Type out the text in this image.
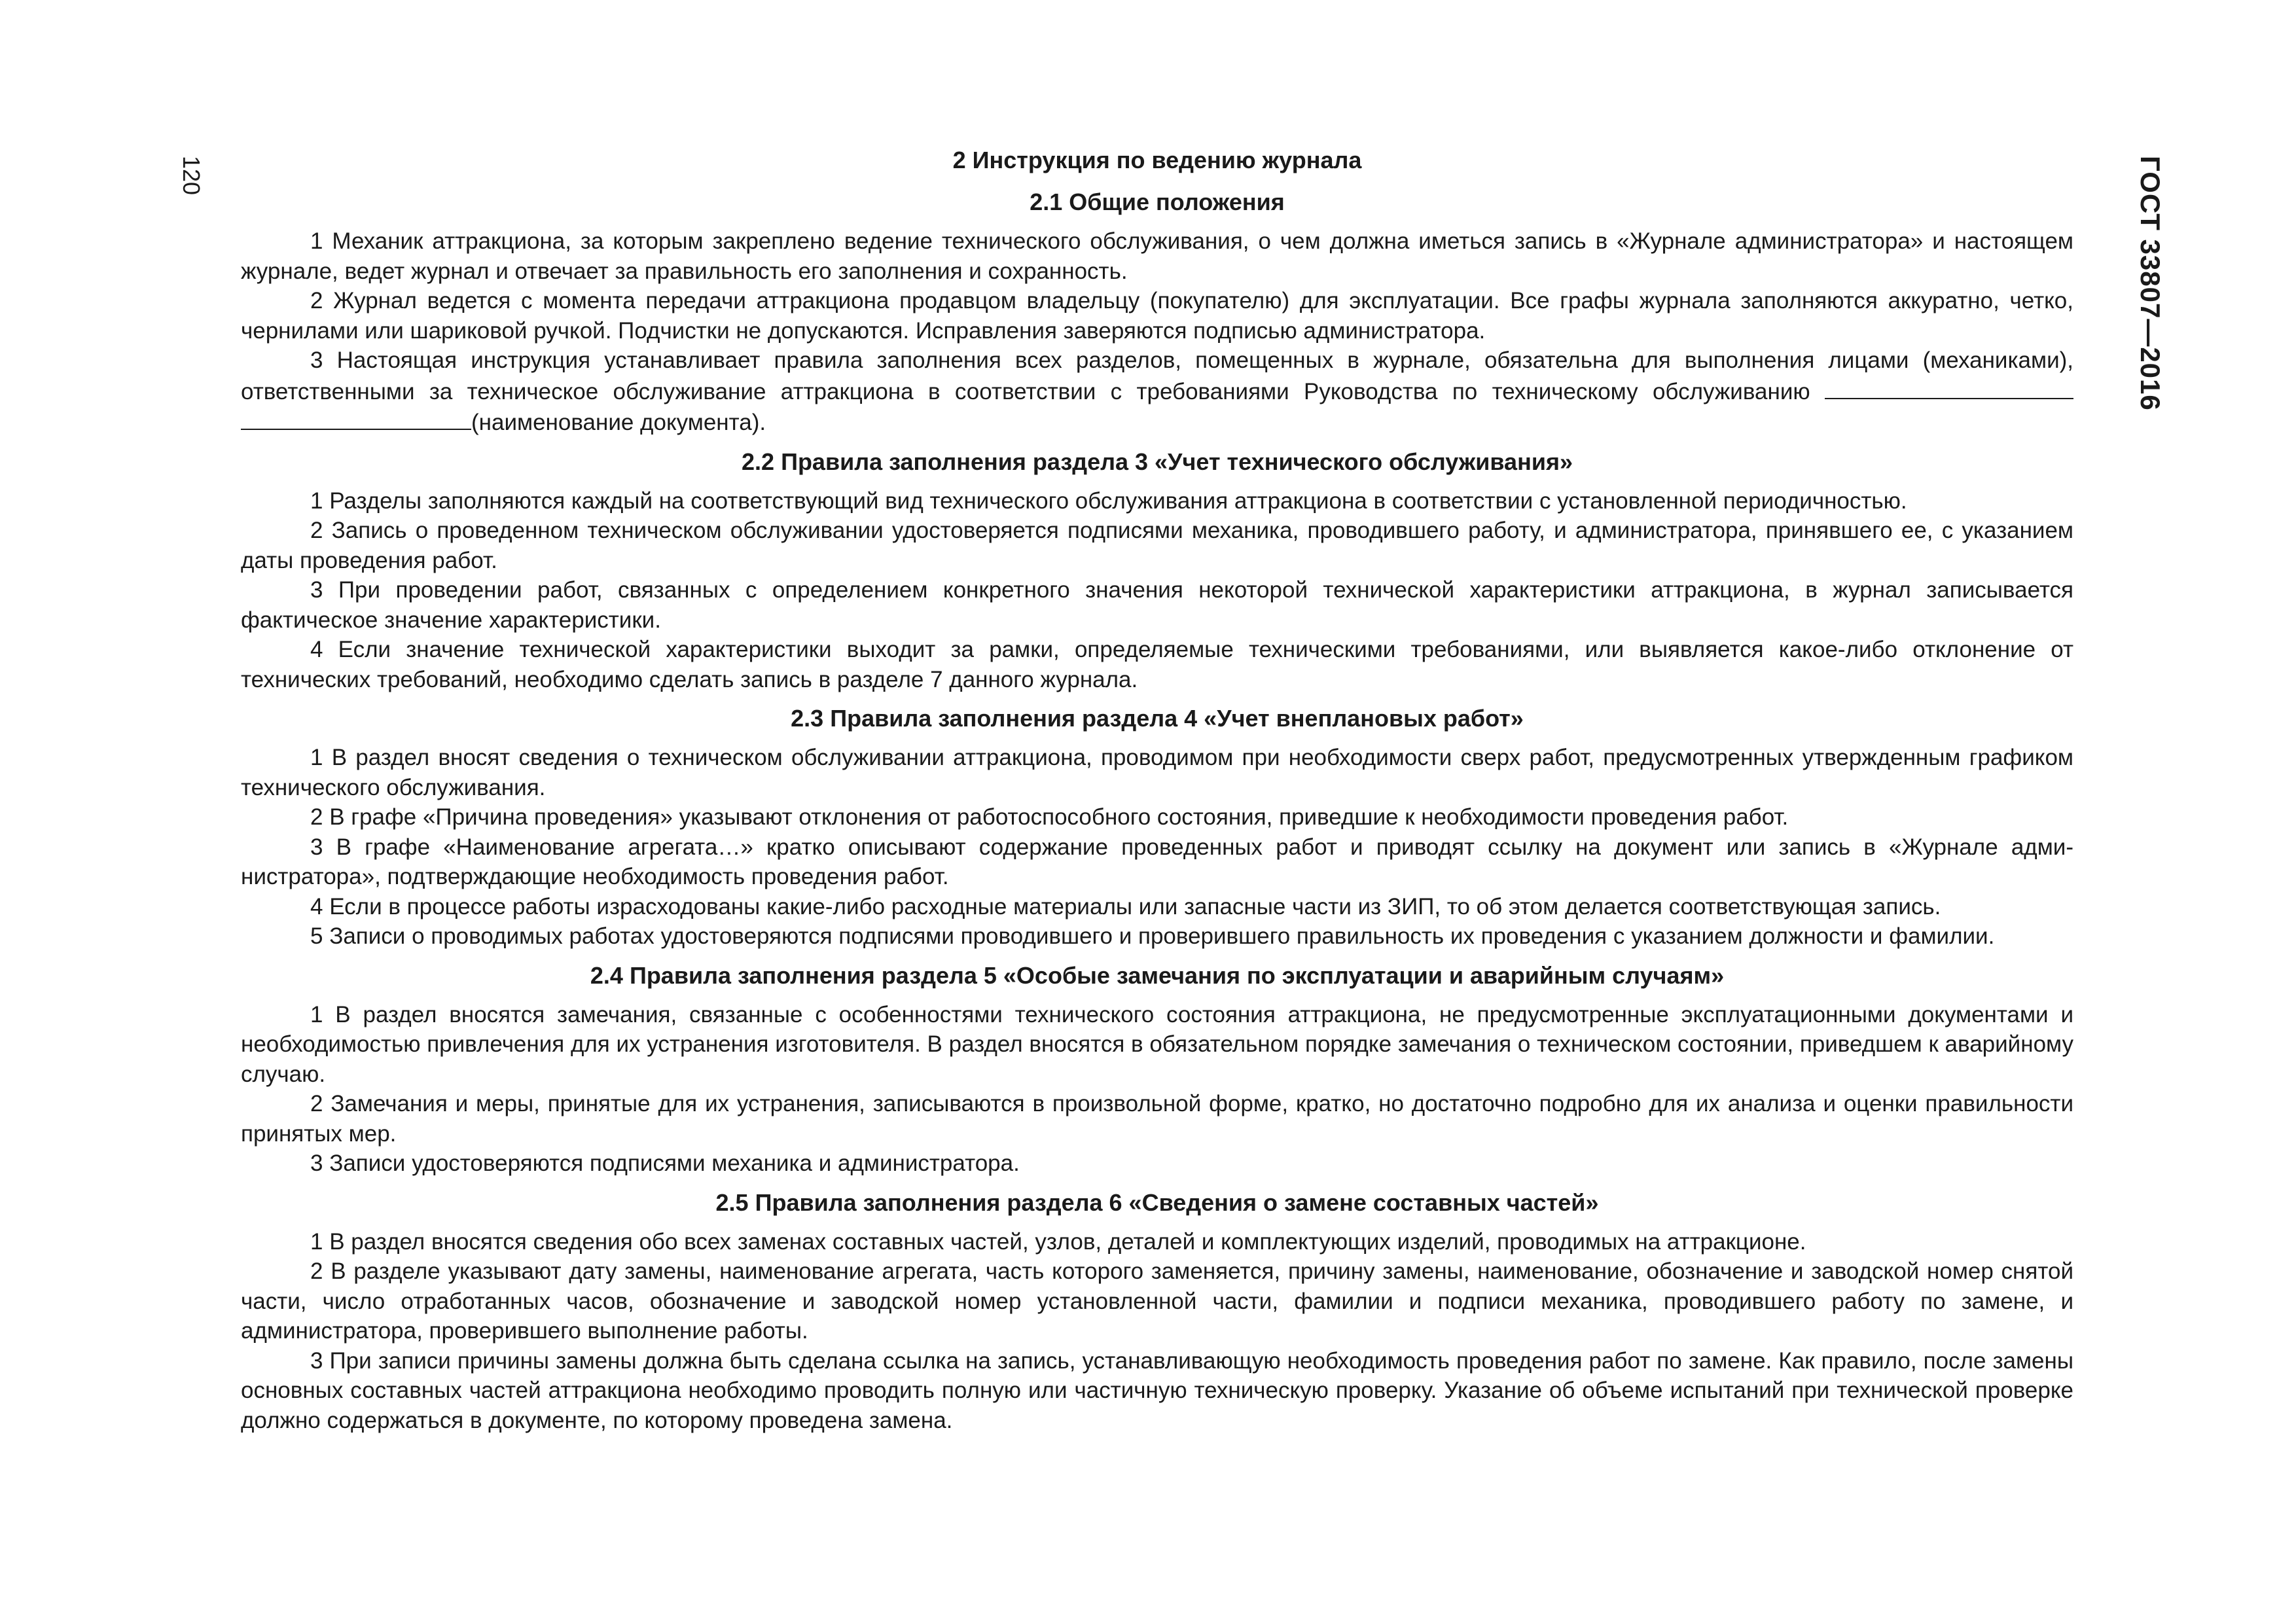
120	ГОСТ 33807—2016
2 Инструкция по ведению журнала
2.1 Общие положения

1 Механик аттракциона, за которым закреплено ведение технического обслуживания, о чем должна иметься запись в «Журнале администратора» и настоящем журнале, ведет журнал и отвечает за правильность его заполнения и сохранность.

2 Журнал ведется с момента передачи аттракциона продавцом владельцу (покупателю) для эксплуатации. Все графы журнала заполняются аккуратно, четко, чернилами или шариковой ручкой. Подчистки не допускаются. Исправления заверяются подписью администратора.

3 Настоящая инструкция устанавливает правила заполнения всех разделов, помещенных в журнале, обязательна для выполнения лицами (механиками), ответственными за техническое обслуживание аттракциона в соответствии с требованиями Руководства по техническому обслуживанию  (наименование документа).

2.2 Правила заполнения раздела 3 «Учет технического обслуживания»

1 Разделы заполняются каждый на соответствующий вид технического обслуживания аттракциона в соответствии с установленной периодичностью.

2 Запись о проведенном техническом обслуживании удостоверяется подписями механика, проводившего работу, и администратора, принявшего ее, с указанием даты проведения работ.

3 При проведении работ, связанных с определением конкретного значения некоторой технической характеристики аттракциона, в журнал записывается фактическое значение характеристики.

4 Если значение технической характеристики выходит за рамки, определяемые техническими требованиями, или выявляется какое-либо отклонение от технических требований, необходимо сделать запись в разделе 7 данного журнала.

2.3 Правила заполнения раздела 4 «Учет внеплановых работ»

1 В раздел вносят сведения о техническом обслуживании аттракциона, проводимом при необходимости сверх работ, предусмотренных утвержденным графиком технического обслуживания.

2 В графе «Причина проведения» указывают отклонения от работоспособного состояния, приведшие к необходимости проведения работ.

3 В графе «Наименование агрегата…» кратко описывают содержание проведенных работ и приводят ссылку на документ или запись в «Журнале администратора», подтверждающие необходимость проведения работ.

4 Если в процессе работы израсходованы какие-либо расходные материалы или запасные части из ЗИП, то об этом делается соответствующая запись.

5 Записи о проводимых работах удостоверяются подписями проводившего и проверившего правильность их проведения с указанием должности и фамилии.

2.4 Правила заполнения раздела 5 «Особые замечания по эксплуатации и аварийным случаям»

1 В раздел вносятся замечания, связанные с особенностями технического состояния аттракциона, не предусмотренные эксплуатационными документами и необходимостью привлечения для их устранения изготовителя. В раздел вносятся в обязательном порядке замечания о техническом состоянии, приведшем к аварийному случаю.

2 Замечания и меры, принятые для их устранения, записываются в произвольной форме, кратко, но достаточно подробно для их анализа и оценки правильности принятых мер.

3 Записи удостоверяются подписями механика и администратора.

2.5 Правила заполнения раздела 6 «Сведения о замене составных частей»

1 В раздел вносятся сведения обо всех заменах составных частей, узлов, деталей и комплектующих изделий, проводимых на аттракционе.

2 В разделе указывают дату замены, наименование агрегата, часть которого заменяется, причину замены, наименование, обозначение и заводской номер снятой части, число отработанных часов, обозначение и заводской номер установленной части, фамилии и подписи механика, проводившего работу по замене, и администратора, проверившего выполнение работы.

3 При записи причины замены должна быть сделана ссылка на запись, устанавливающую необходимость проведения работ по замене. Как правило, после замены основных составных частей аттракциона необходимо проводить полную или частичную техническую проверку. Указание об объеме испытаний при технической проверке должно содержаться в документе, по которому проведена замена.
